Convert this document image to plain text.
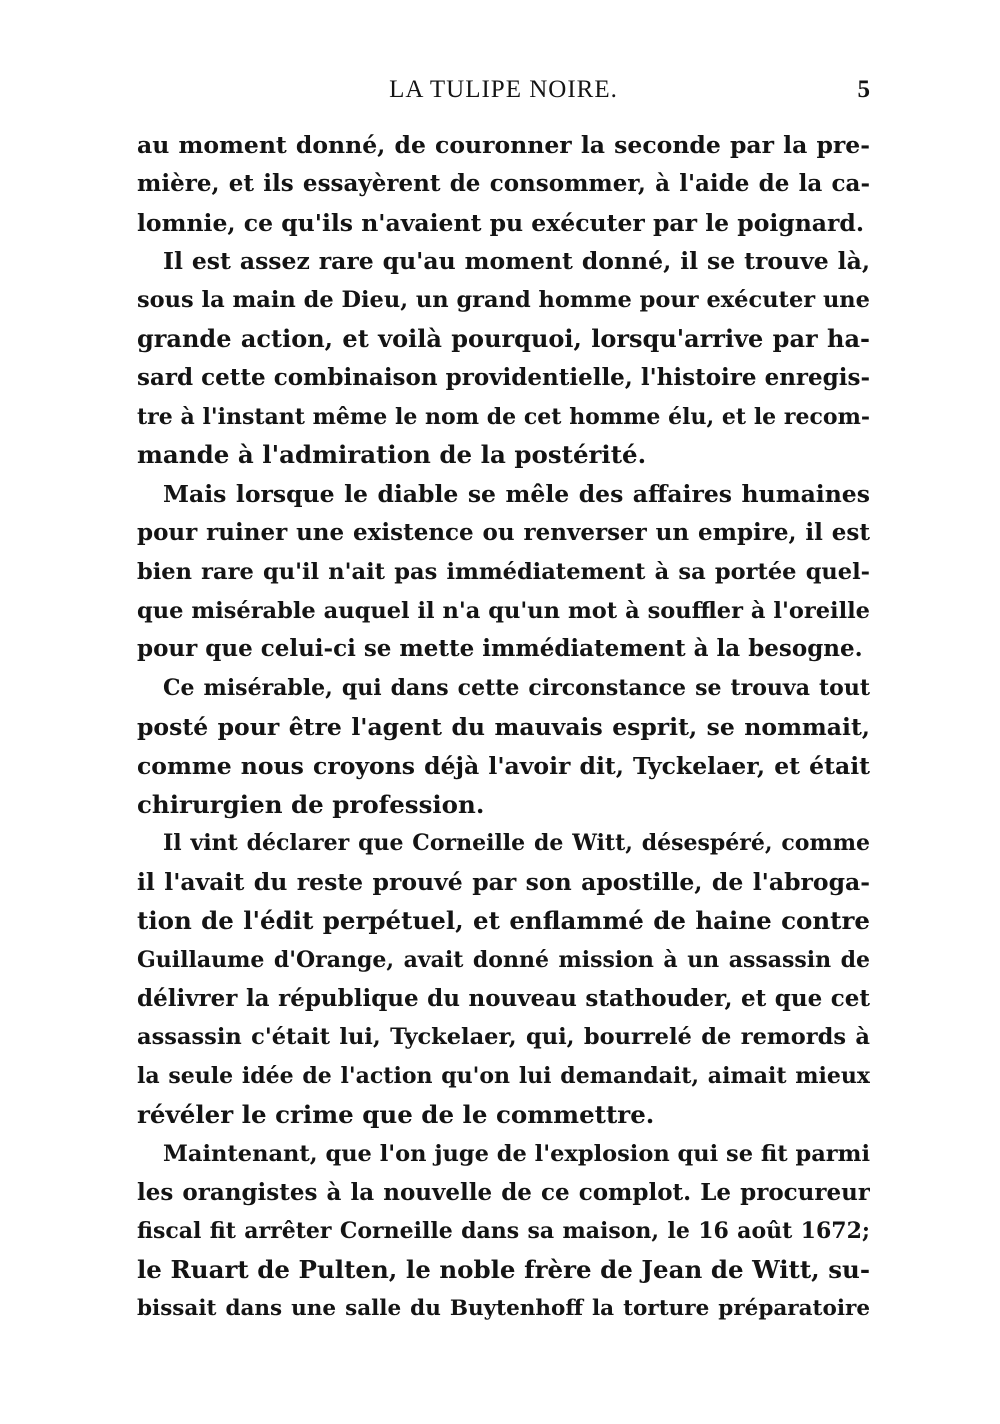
LA TULIPE NOIRE.	5
au moment donné, de couronner la seconde par la pre-
mière, et ils essayèrent de consommer, à l'aide de la ca-
lomnie, ce qu'ils n'avaient pu exécuter par le poignard.
Il est assez rare qu'au moment donné, il se trouve là,
sous la main de Dieu, un grand homme pour exécuter une
grande action, et voilà pourquoi, lorsqu'arrive par ha-
sard cette combinaison providentielle, l'histoire enregis-
tre à l'instant même le nom de cet homme élu, et le recom-
mande à l'admiration de la postérité.
Mais lorsque le diable se mêle des affaires humaines
pour ruiner une existence ou renverser un empire, il est
bien rare qu'il n'ait pas immédiatement à sa portée quel-
que misérable auquel il n'a qu'un mot à souffler à l'oreille
pour que celui-ci se mette immédiatement à la besogne.
Ce misérable, qui dans cette circonstance se trouva tout
posté pour être l'agent du mauvais esprit, se nommait,
comme nous croyons déjà l'avoir dit, Tyckelaer, et était
chirurgien de profession.
Il vint déclarer que Corneille de Witt, désespéré, comme
il l'avait du reste prouvé par son apostille, de l'abroga-
tion de l'édit perpétuel, et enflammé de haine contre
Guillaume d'Orange, avait donné mission à un assassin de
délivrer la république du nouveau stathouder, et que cet
assassin c'était lui, Tyckelaer, qui, bourrelé de remords à
la seule idée de l'action qu'on lui demandait, aimait mieux
révéler le crime que de le commettre.
Maintenant, que l'on juge de l'explosion qui se fit parmi
les orangistes à la nouvelle de ce complot. Le procureur
fiscal fit arrêter Corneille dans sa maison, le 16 août 1672;
le Ruart de Pulten, le noble frère de Jean de Witt, su-
bissait dans une salle du Buytenhoff la torture préparatoire
